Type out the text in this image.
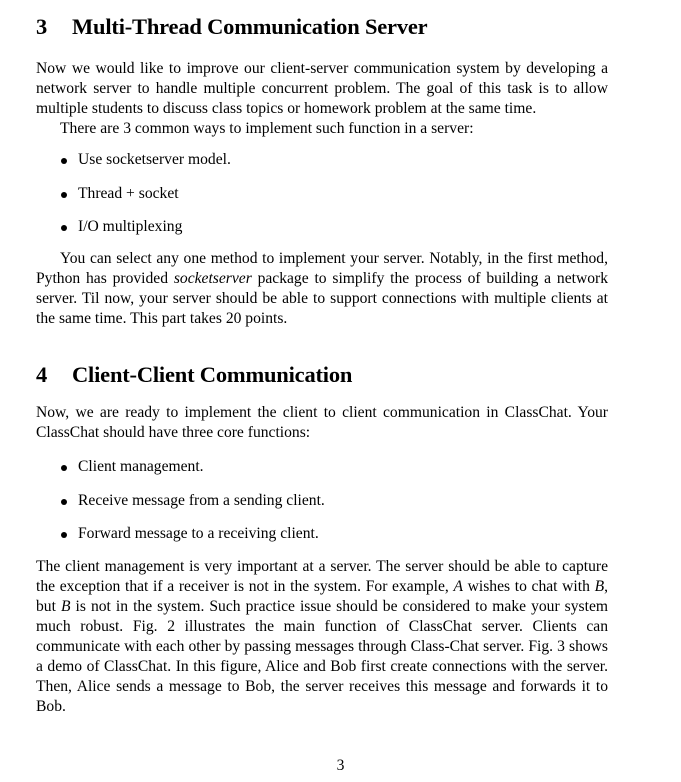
3 Multi-Thread Communication Server

Now we would like to improve our client-server communication system by developing a network server to handle multiple concurrent problem. The goal of this task is to allow multiple students to discuss class topics or homework problem at the same time.

There are 3 common ways to implement such function in a server:

Use socketserver model.
Thread + socket
I/O multiplexing

You can select any one method to implement your server. Notably, in the first method, Python has provided socketserver package to simplify the process of building a network server. Til now, your server should be able to support connections with multiple clients at the same time. This part takes 20 points.

4 Client-Client Communication

Now, we are ready to implement the client to client communication in ClassChat. Your ClassChat should have three core functions:

Client management.
Receive message from a sending client.
Forward message to a receiving client.

The client management is very important at a server. The server should be able to capture the exception that if a receiver is not in the system. For example, A wishes to chat with B, but B is not in the system. Such practice issue should be considered to make your system much robust. Fig. 2 illustrates the main function of ClassChat server. Clients can communicate with each other by passing messages through Class-Chat server. Fig. 3 shows a demo of ClassChat. In this figure, Alice and Bob first create connections with the server. Then, Alice sends a message to Bob, the server receives this message and forwards it to Bob.

3
